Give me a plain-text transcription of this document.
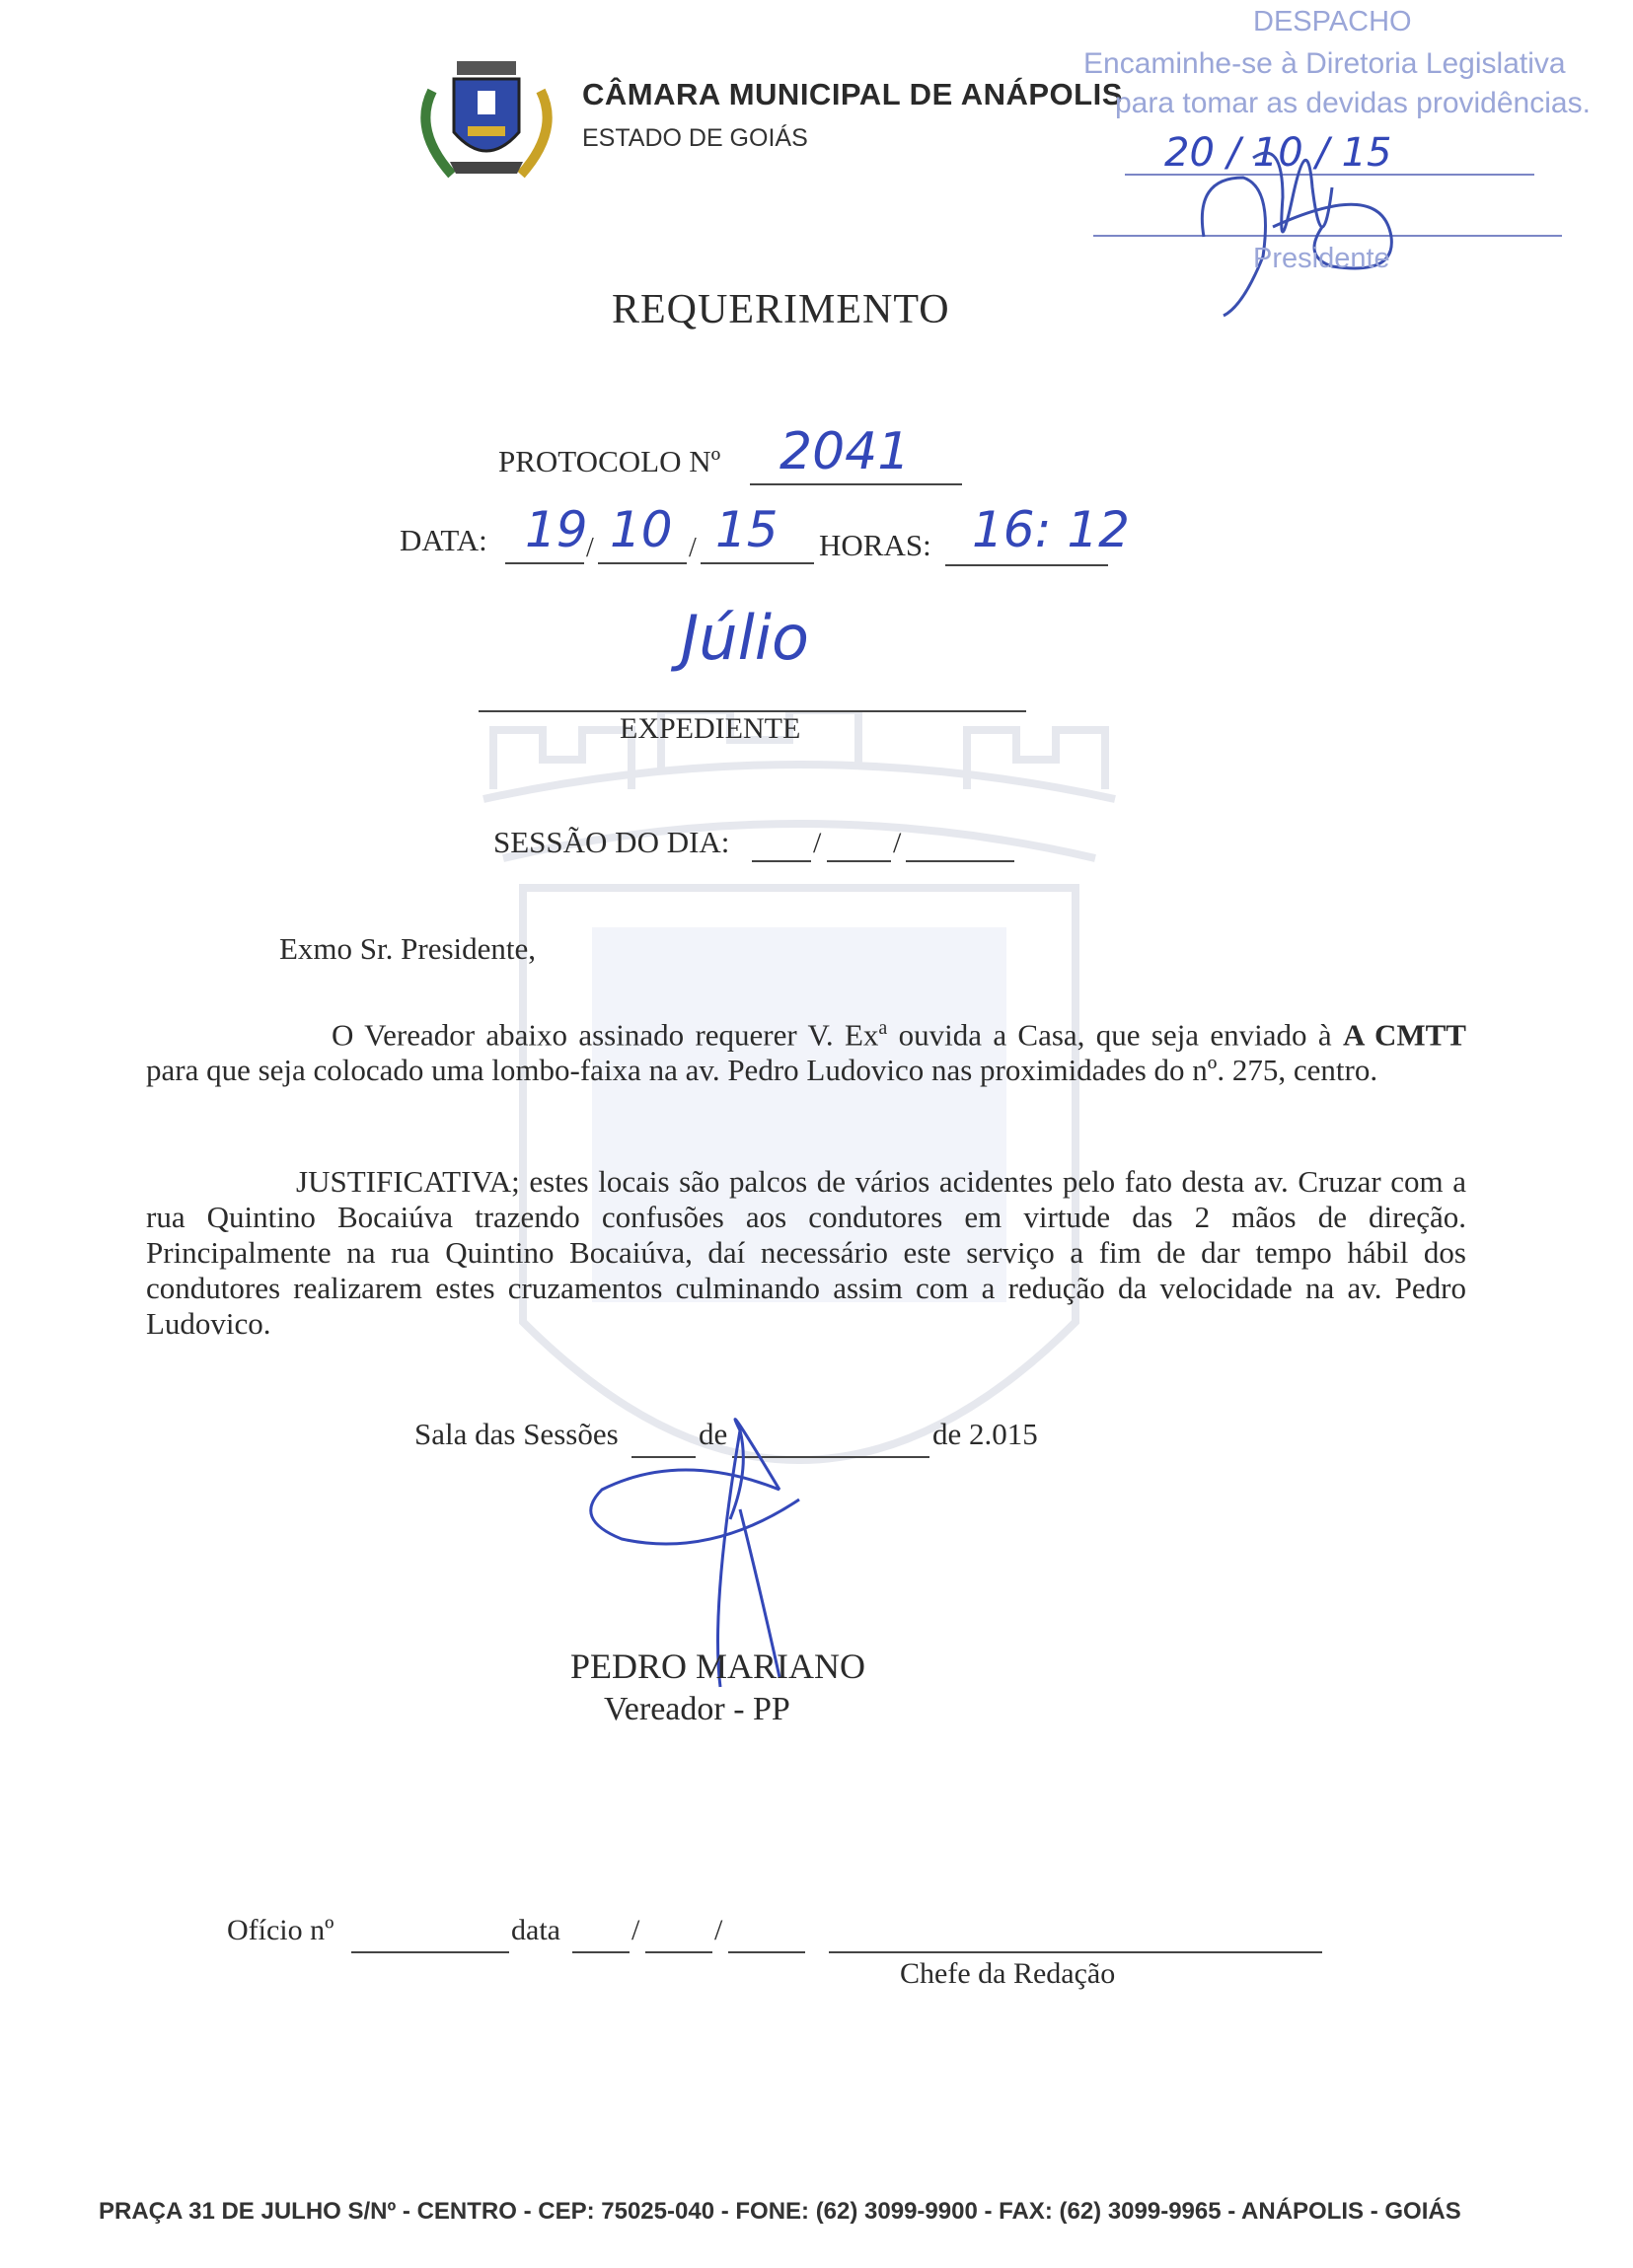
CÂMARA MUNICIPAL DE ANÁPOLIS
ESTADO DE GOIÁS
DESPACHO
Encaminhe-se à Diretoria Legislativa
para tomar as devidas providências.
20 / 10 / 15
Presidente
REQUERIMENTO
PROTOCOLO Nº 2041
DATA:	/	/
19 10 15 HORAS: 16: 12
Júlio
EXPEDIENTE
SESSÃO DO DIA:	/ /
Exmo Sr. Presidente,
O Vereador abaixo assinado requerer V. Ex$^a$ ouvida a Casa, que seja enviado à A CMTT para que seja colocado uma lombo-faixa na av. Pedro Ludovico nas proximidades do nº. 275, centro.
JUSTIFICATIVA; estes locais são palcos de vários acidentes pelo fato desta av. Cruzar com a rua Quintino Bocaiúva trazendo confusões aos condutores em virtude das 2 mãos de direção. Principalmente na rua Quintino Bocaiúva, daí necessário este serviço a fim de dar tempo hábil dos condutores realizarem estes cruzamentos culminando assim com a redução da velocidade na av. Pedro Ludovico.
Sala das Sessões	de	de 2.015
PEDRO MARIANO
Vereador - PP
Ofício nº	data /	/
Chefe da Redação
PRAÇA 31 DE JULHO S/Nº - CENTRO - CEP: 75025-040 - FONE: (62) 3099-9900 - FAX: (62) 3099-9965 - ANÁPOLIS - GOIÁS
